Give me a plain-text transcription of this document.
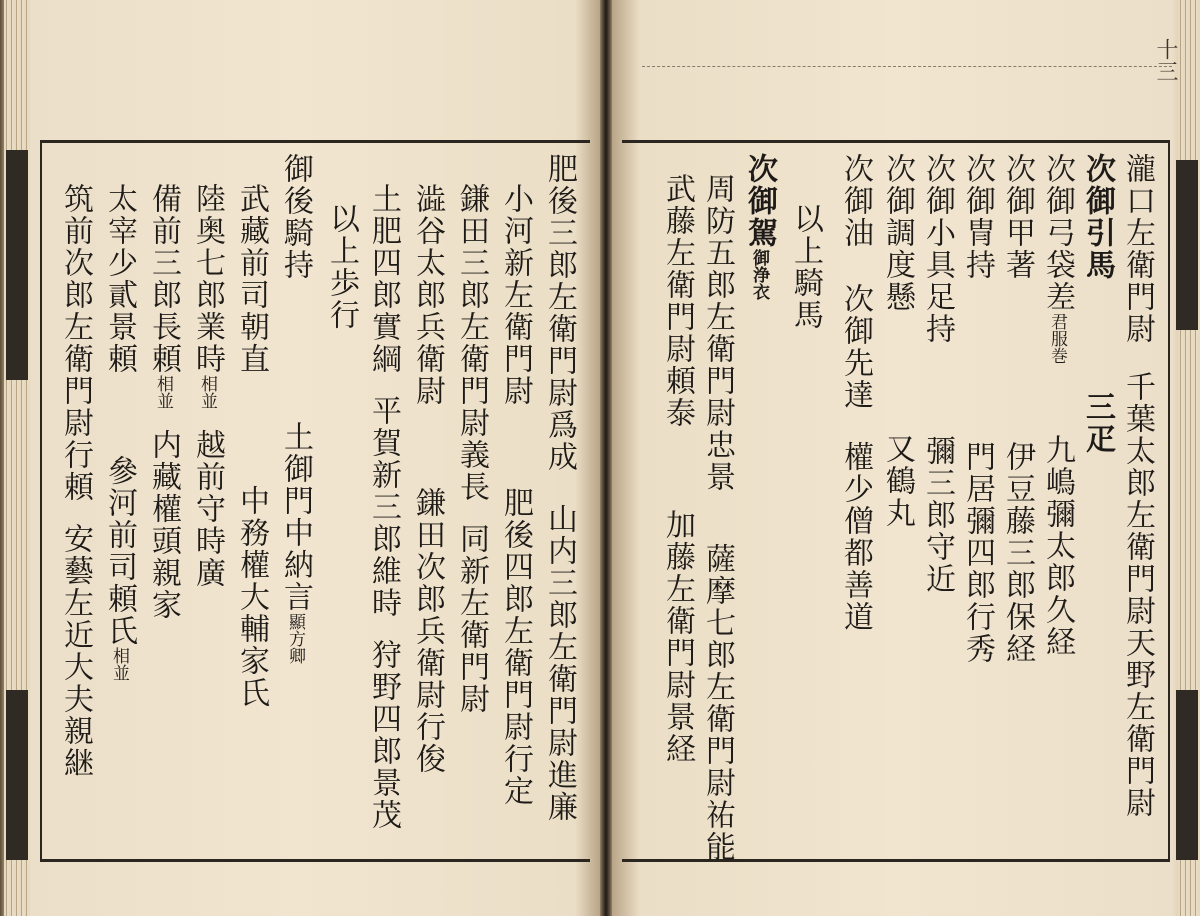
瀧口左衛門尉千葉太郎左衛門尉天野左衛門尉
次御引馬三疋
次御弓袋差君服巻九嶋彌太郎久経
次御甲著伊豆藤三郎保経
次御冑持門居彌四郎行秀
次御小具足持彌三郎守近
次御調度懸又鶴丸
次御油次御先達權少僧都善道
以上騎馬
次御駕御浄衣
周防五郎左衛門尉忠景薩摩七郎左衛門尉祐能
武藤左衛門尉頼泰加藤左衛門尉景経
肥後三郎左衛門尉爲成山内三郎左衛門尉進廉
小河新左衛門尉肥後四郎左衛門尉行定
鎌田三郎左衛門尉義長同新左衛門尉
澁谷太郎兵衛尉鎌田次郎兵衛尉行俊
土肥四郎實綱平賀新三郎維時狩野四郎景茂
以上歩行
御後騎持土御門中納言顯方卿
武藏前司朝直中務權大輔家氏
陸奥七郎業時相並越前守時廣
備前三郎長頼相並内藏權頭親家
太宰少貳景頼參河前司頼氏相並
筑前次郎左衛門尉行頼安藝左近大夫親継
十三
